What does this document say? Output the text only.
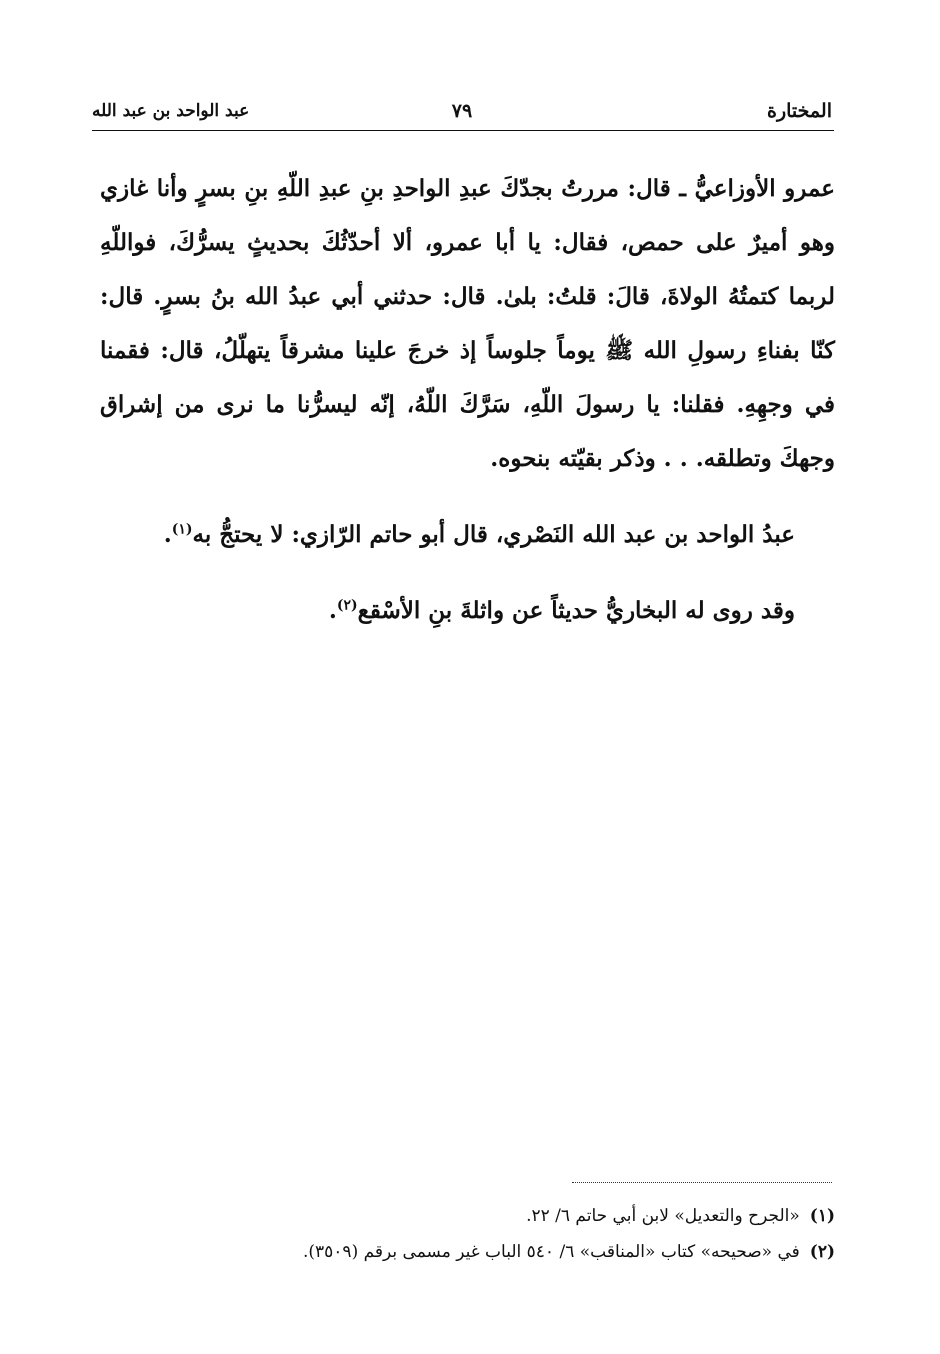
المختارة
٧٩
عبد الواحد بن عبد الله

عمرو الأوزاعيُّ ـ قال: مررتُ بجدّكَ عبدِ الواحدِ بنِ عبدِ اللّهِ بنِ بسرٍ وأنا غازي وهو أميرٌ على حمص، فقال: يا أبا عمرو، ألا أحدّثُكَ بحديثٍ يسرُّكَ، فواللّهِ لربما كتمتُهُ الولاةَ، قالَ: قلتُ: بلىٰ. قال: حدثني أبي عبدُ الله بنُ بسرٍ. قال: كنّا بفناءِ رسولِ الله ﷺ يوماً جلوساً إذ خرجَ علينا مشرقاً يتهلّلُ، قال: فقمنا في وجهِهِ. فقلنا: يا رسولَ اللّهِ، سَرَّكَ اللّهُ، إنّه ليسرُّنا ما نرى من إشراق وجهكَ وتطلقه. . . وذكر بقيّته بنحوه.

عبدُ الواحد بن عبد الله النَصْري، قال أبو حاتم الرّازي: لا يحتجُّ به$^{(١)}$.

وقد روى له البخاريُّ حديثاً عن واثلةَ بنِ الأسْقع$^{(٢)}$.

(١)«الجرح والتعديل» لابن أبي حاتم ٦/ ٢٢.

(٢)في «صحيحه» كتاب «المناقب» ٦/ ٥٤٠ الباب غير مسمى برقم (٣٥٠٩).
